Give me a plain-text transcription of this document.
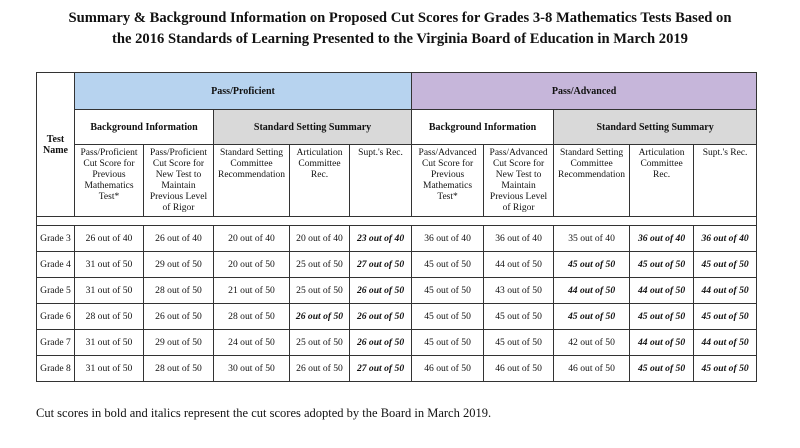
Summary & Background Information on Proposed Cut Scores for Grades 3-8 Mathematics Tests Based on
the 2016 Standards of Learning Presented to the Virginia Board of Education in March 2019
Test Name	Pass/Proficient					Pass/Advanced				
	Background Information		Standard Setting Summary			Background Information		Standard Setting Summary		
	Pass/Proficient Cut Score for Previous Mathematics Test*	Pass/Proficient Cut Score for New Test to Maintain Previous Level of Rigor	Standard Setting Committee Recommendation	Articulation Committee Rec.	Supt.'s Rec.	Pass/Advanced Cut Score for Previous Mathematics Test*	Pass/Advanced Cut Score for New Test to Maintain Previous Level of Rigor	Standard Setting Committee Recommendation	Articulation Committee Rec.	Supt.'s Rec.

Grade 3	26 out of 40	26 out of 40	20 out of 40	20 out of 40	23 out of 40	36 out of 40	36 out of 40	35 out of 40	36 out of 40	36 out of 40
Grade 4	31 out of 50	29 out of 50	20 out of 50	25 out of 50	27 out of 50	45 out of 50	44 out of 50	45 out of 50	45 out of 50	45 out of 50
Grade 5	31 out of 50	28 out of 50	21 out of 50	25 out of 50	26 out of 50	45 out of 50	43 out of 50	44 out of 50	44 out of 50	44 out of 50
Grade 6	28 out of 50	26 out of 50	28 out of 50	26 out of 50	26 out of 50	45 out of 50	45 out of 50	45 out of 50	45 out of 50	45 out of 50
Grade 7	31 out of 50	29 out of 50	24 out of 50	25 out of 50	26 out of 50	45 out of 50	45 out of 50	42 out of 50	44 out of 50	44 out of 50
Grade 8	31 out of 50	28 out of 50	30 out of 50	26 out of 50	27 out of 50	46 out of 50	46 out of 50	46 out of 50	45 out of 50	45 out of 50
Cut scores in bold and italics represent the cut scores adopted by the Board in March 2019.
